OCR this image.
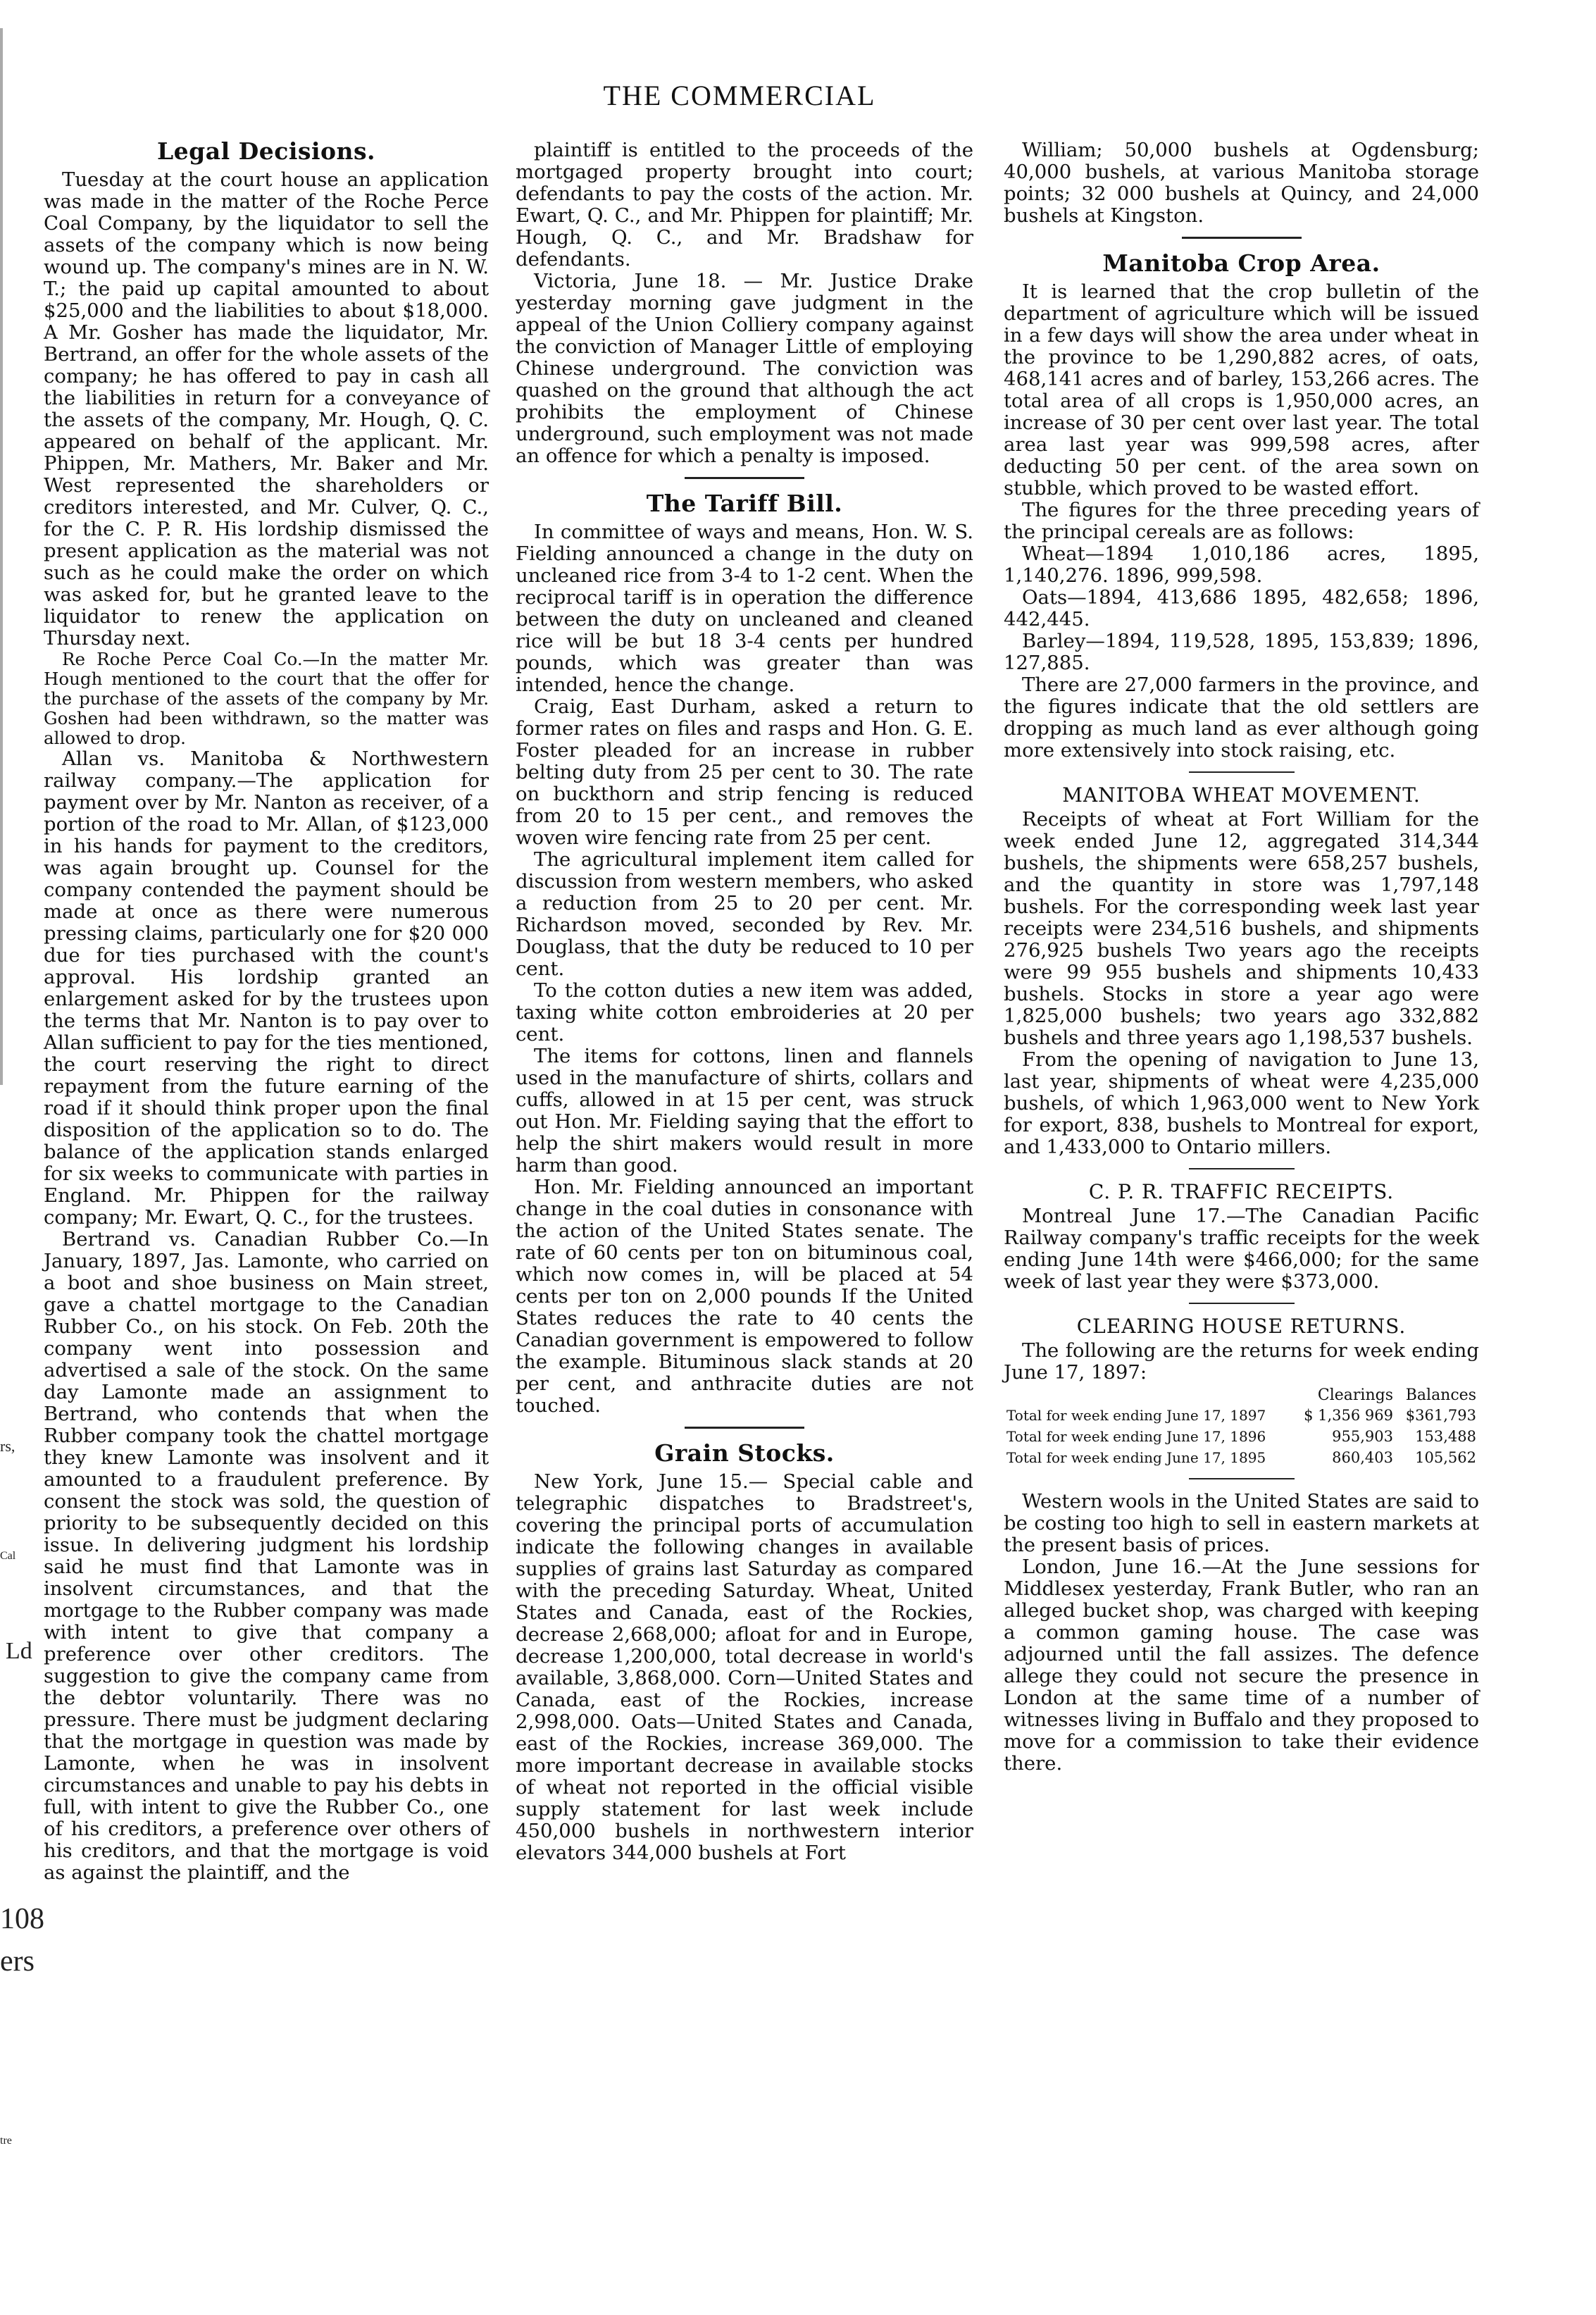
THE COMMERCIAL
rs,
Cal
Ld
108
ers
tre
Legal Decisions.

Tuesday at the court house an application was made in the matter of the Roche Perce Coal Company, by the liquidator to sell the assets of the company which is now being wound up. The company's mines are in N. W. T.; the paid up capital amounted to about $25,000 and the liabilities to about $18,000. A Mr. Gosher has made the liquidator, Mr. Bertrand, an offer for the whole assets of the company; he has offered to pay in cash all the liabilities in return for a conveyance of the assets of the company, Mr. Hough, Q. C. appeared on behalf of the applicant. Mr. Phippen, Mr. Mathers, Mr. Baker and Mr. West represented the shareholders or creditors interested, and Mr. Culver, Q. C., for the C. P. R. His lordship dismissed the present application as the material was not such as he could make the order on which was asked for, but he granted leave to the liquidator to renew the application on Thursday next.

Re Roche Perce Coal Co.—In the matter Mr. Hough mentioned to the court that the offer for the purchase of the assets of the company by Mr. Goshen had been withdrawn, so the matter was allowed to drop.

Allan vs. Manitoba & Northwestern railway company.—The application for payment over by Mr. Nanton as receiver, of a portion of the road to Mr. Allan, of $123,000 in his hands for payment to the creditors, was again brought up. Counsel for the company contended the payment should be made at once as there were numerous pressing claims, particularly one for $20 000 due for ties purchased with the count's approval. His lordship granted an enlargement asked for by the trustees upon the terms that Mr. Nanton is to pay over to Allan sufficient to pay for the ties mentioned, the court reserving the right to direct repayment from the future earning of the road if it should think proper upon the final disposition of the application so to do. The balance of the application stands enlarged for six weeks to communicate with parties in England. Mr. Phippen for the railway company; Mr. Ewart, Q. C., for the trustees.

Bertrand vs. Canadian Rubber Co.—In January, 1897, Jas. Lamonte, who carried on a boot and shoe business on Main street, gave a chattel mortgage to the Canadian Rubber Co., on his stock. On Feb. 20th the company went into possession and advertised a sale of the stock. On the same day Lamonte made an assignment to Bertrand, who contends that when the Rubber company took the chattel mortgage they knew Lamonte was insolvent and it amounted to a fraudulent preference. By consent the stock was sold, the question of priority to be subsequently decided on this issue. In delivering judgment his lordship said he must find that Lamonte was in insolvent circumstances, and that the mortgage to the Rubber company was made with intent to give that company a preference over other creditors. The suggestion to give the company came from the debtor voluntarily. There was no pressure. There must be judgment declaring that the mortgage in question was made by Lamonte, when he was in insolvent circumstances and unable to pay his debts in full, with intent to give the Rubber Co., one of his creditors, a preference over others of his creditors, and that the mortgage is void as against the plaintiff, and the

plaintiff is entitled to the proceeds of the mortgaged property brought into court; defendants to pay the costs of the action. Mr. Ewart, Q. C., and Mr. Phippen for plaintiff; Mr. Hough, Q. C., and Mr. Bradshaw for defendants.

Victoria, June 18. — Mr. Justice Drake yesterday morning gave judgment in the appeal of the Union Colliery company against the conviction of Manager Little of employing Chinese underground. The conviction was quashed on the ground that although the act prohibits the employment of Chinese underground, such employment was not made an offence for which a penalty is imposed.

The Tariff Bill.

In committee of ways and means, Hon. W. S. Fielding announced a change in the duty on uncleaned rice from 3-4 to 1-2 cent. When the reciprocal tariff is in operation the difference between the duty on uncleaned and cleaned rice will be but 18 3-4 cents per hundred pounds, which was greater than was intended, hence the change.

Craig, East Durham, asked a return to former rates on files and rasps and Hon. G. E. Foster pleaded for an increase in rubber belting duty from 25 per cent to 30. The rate on buckthorn and strip fencing is reduced from 20 to 15 per cent., and removes the woven wire fencing rate from 25 per cent.

The agricultural implement item called for discussion from western members, who asked a reduction from 25 to 20 per cent. Mr. Richardson moved, seconded by Rev. Mr. Douglass, that the duty be reduced to 10 per cent.

To the cotton duties a new item was added, taxing white cotton embroideries at 20 per cent.

The items for cottons, linen and flannels used in the manufacture of shirts, collars and cuffs, allowed in at 15 per cent, was struck out Hon. Mr. Fielding saying that the effort to help the shirt makers would result in more harm than good.

Hon. Mr. Fielding announced an important change in the coal duties in consonance with the action of the United States senate. The rate of 60 cents per ton on bituminous coal, which now comes in, will be placed at 54 cents per ton on 2,000 pounds If the United States reduces the rate to 40 cents the Canadian government is empowered to follow the example. Bituminous slack stands at 20 per cent, and anthracite duties are not touched.

Grain Stocks.

New York, June 15.— Special cable and telegraphic dispatches to Bradstreet's, covering the principal ports of accumulation indicate the following changes in available supplies of grains last Saturday as compared with the preceding Saturday. Wheat, United States and Canada, east of the Rockies, decrease 2,668,000; afloat for and in Europe, decrease 1,200,000, total decrease in world's available, 3,868,000. Corn—United States and Canada, east of the Rockies, increase 2,998,000. Oats—United States and Canada, east of the Rockies, increase 369,000. The more important decrease in available stocks of wheat not reported in the official visible supply statement for last week include 450,000 bushels in northwestern interior elevators 344,000 bushels at Fort

William; 50,000 bushels at Ogdensburg; 40,000 bushels, at various Manitoba storage points; 32 000 bushels at Quincy, and 24,000 bushels at Kingston.

Manitoba Crop Area.

It is learned that the crop bulletin of the department of agriculture which will be issued in a few days will show the area under wheat in the province to be 1,290,882 acres, of oats, 468,141 acres and of barley, 153,266 acres. The total area of all crops is 1,950,000 acres, an increase of 30 per cent over last year. The total area last year was 999,598 acres, after deducting 50 per cent. of the area sown on stubble, which proved to be wasted effort.

The figures for the three preceding years of the principal cereals are as follows:

Wheat—1894 1,010,186 acres, 1895, 1,140,276. 1896, 999,598.

Oats—1894, 413,686 1895, 482,658; 1896, 442,445.

Barley—1894, 119,528, 1895, 153,839; 1896, 127,885.

There are 27,000 farmers in the province, and the figures indicate that the old settlers are dropping as much land as ever although going more extensively into stock raising, etc.

MANITOBA WHEAT MOVEMENT.

Receipts of wheat at Fort William for the week ended June 12, aggregated 314,344 bushels, the shipments were 658,257 bushels, and the quantity in store was 1,797,148 bushels. For the corresponding week last year receipts were 234,516 bushels, and shipments 276,925 bushels Two years ago the receipts were 99 955 bushels and shipments 10,433 bushels. Stocks in store a year ago were 1,825,000 bushels; two years ago 332,882 bushels and three years ago 1,198,537 bushels.

From the opening of navigation to June 13, last year, shipments of wheat were 4,235,000 bushels, of which 1,963,000 went to New York for export, 838, bushels to Montreal for export, and 1,433,000 to Ontario millers.

C. P. R. TRAFFIC RECEIPTS.

Montreal June 17.—The Canadian Pacific Railway company's traffic receipts for the week ending June 14th were $466,000; for the same week of last year they were $373,000.

CLEARING HOUSE RETURNS.

The following are the returns for week ending June 17, 1897:

	Clearings	Balances
Total for week ending June 17, 1897	$ 1,356 969	$361,793
Total for week ending June 17, 1896	955,903	153,488
Total for week ending June 17, 1895	860,403	105,562

Western wools in the United States are said to be costing too high to sell in eastern markets at the present basis of prices.

London, June 16.—At the June sessions for Middlesex yesterday, Frank Butler, who ran an alleged bucket shop, was charged with keeping a common gaming house. The case was adjourned until the fall assizes. The defence allege they could not secure the presence in London at the same time of a number of witnesses living in Buffalo and they proposed to move for a commission to take their evidence there.
